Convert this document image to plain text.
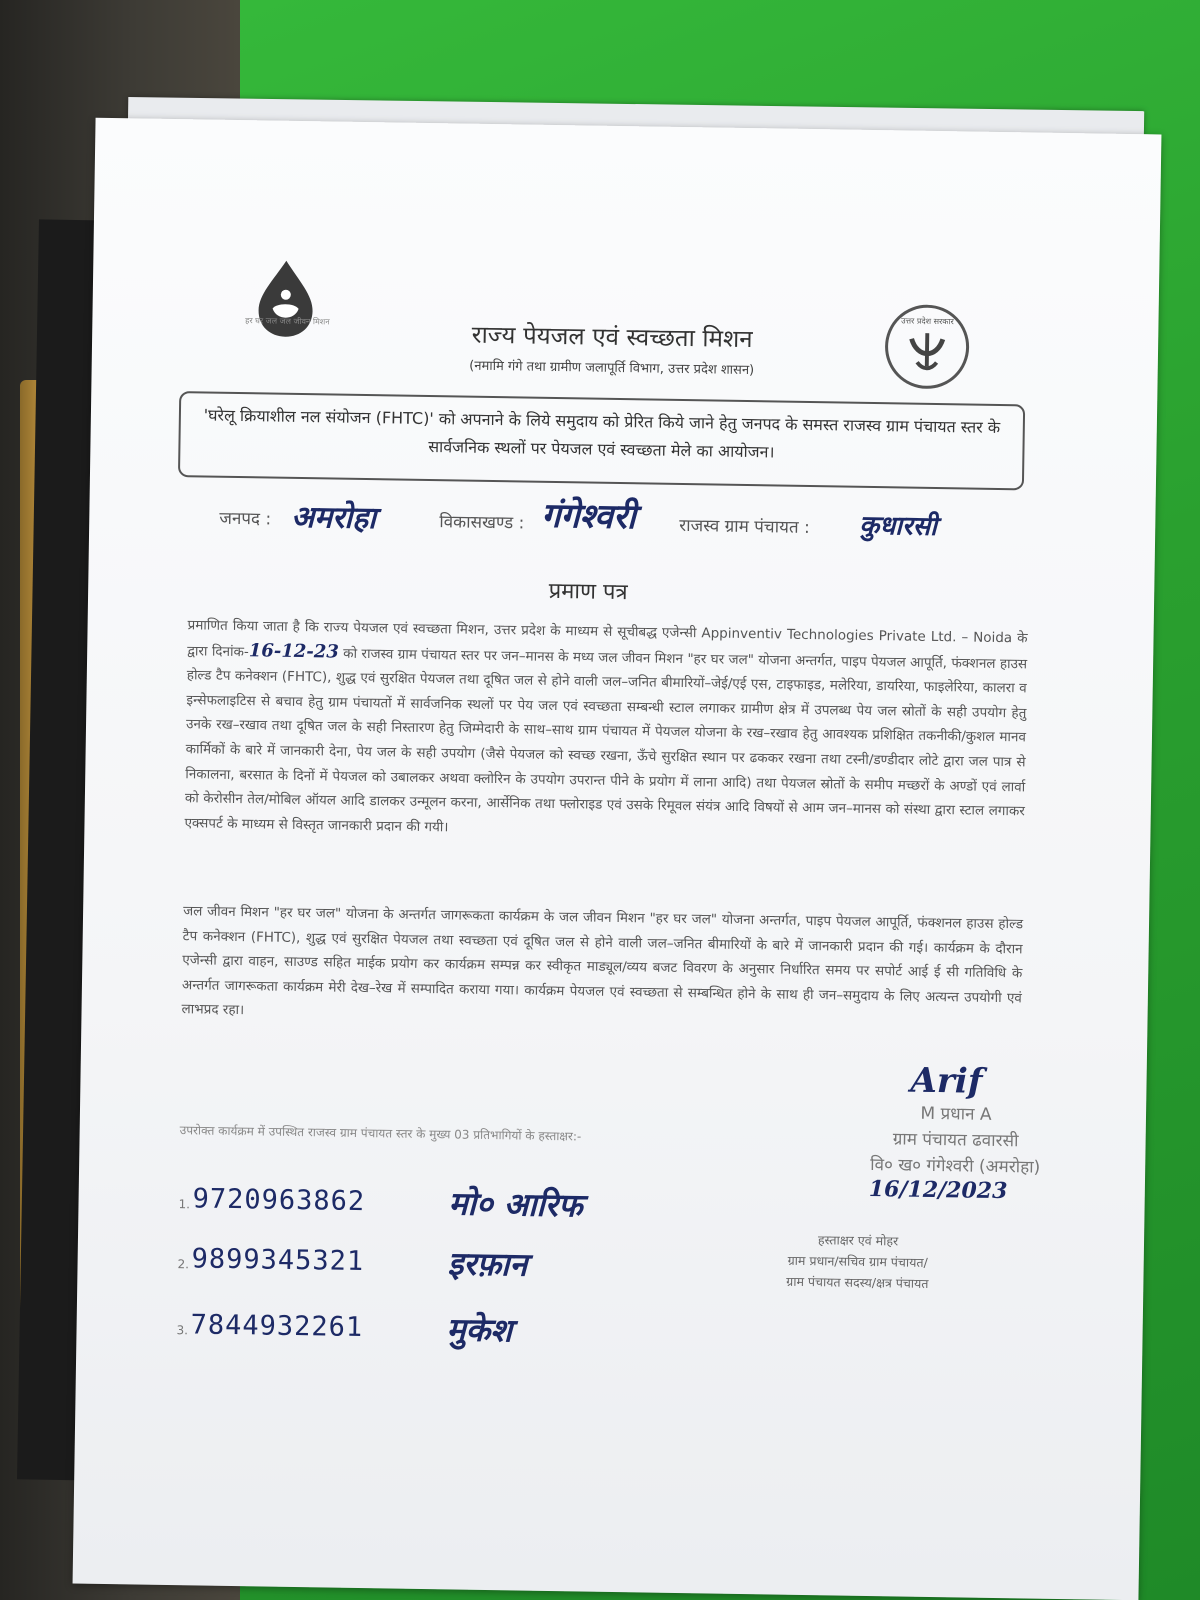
हर घर जल जल जीवन मिशन	उत्तर प्रदेश सरकार
राज्य पेयजल एवं स्वच्छता मिशन
(नमामि गंगे तथा ग्रामीण जलापूर्ति विभाग, उत्तर प्रदेश शासन)
'घरेलू क्रियाशील नल संयोजन (FHTC)' को अपनाने के लिये समुदाय को प्रेरित किये जाने हेतु जनपद के समस्त राजस्व ग्राम पंचायत स्तर के सार्वजनिक स्थलों पर पेयजल एवं स्वच्छता मेले का आयोजन।
जनपद : अमरोहा	विकासखण्ड : गंगेश्वरी	राजस्व ग्राम पंचायत : कुधारसी
प्रमाण पत्र
प्रमाणित किया जाता है कि राज्य पेयजल एवं स्वच्छता मिशन, उत्तर प्रदेश के माध्यम से सूचीबद्ध एजेन्सी Appinventiv Technologies Private Ltd. – Noida के द्वारा दिनांक-16-12-23 को राजस्व ग्राम पंचायत स्तर पर जन–मानस के मध्य जल जीवन मिशन "हर घर जल" योजना अन्तर्गत, पाइप पेयजल आपूर्ति, फंक्शनल हाउस होल्ड टैप कनेक्शन (FHTC), शुद्ध एवं सुरक्षित पेयजल तथा दूषित जल से होने वाली जल–जनित बीमारियों–जेई/एई एस, टाइफाइड, मलेरिया, डायरिया, फाइलेरिया, कालरा व इन्सेफलाइटिस से बचाव हेतु ग्राम पंचायतों में सार्वजनिक स्थलों पर पेय जल एवं स्वच्छता सम्बन्धी स्टाल लगाकर ग्रामीण क्षेत्र में उपलब्ध पेय जल स्रोतों के सही उपयोग हेतु उनके रख–रखाव तथा दूषित जल के सही निस्तारण हेतु जिम्मेदारी के साथ–साथ ग्राम पंचायत में पेयजल योजना के रख–रखाव हेतु आवश्यक प्रशिक्षित तकनीकी/कुशल मानव कार्मिकों के बारे में जानकारी देना, पेय जल के सही उपयोग (जैसे पेयजल को स्वच्छ रखना, ऊँचे सुरक्षित स्थान पर ढककर रखना तथा टस्नी/डण्डीदार लोटे द्वारा जल पात्र से निकालना, बरसात के दिनों में पेयजल को उबालकर अथवा क्लोरिन के उपयोग उपरान्त पीने के प्रयोग में लाना आदि) तथा पेयजल स्रोतों के समीप मच्छरों के अण्डों एवं लार्वा को केरोसीन तेल/मोबिल ऑयल आदि डालकर उन्मूलन करना, आर्सेनिक तथा फ्लोराइड एवं उसके रिमूवल संयंत्र आदि विषयों से आम जन–मानस को संस्था द्वारा स्टाल लगाकर एक्सपर्ट के माध्यम से विस्तृत जानकारी प्रदान की गयी।
जल जीवन मिशन "हर घर जल" योजना के अन्तर्गत जागरूकता कार्यक्रम के जल जीवन मिशन "हर घर जल" योजना अन्तर्गत, पाइप पेयजल आपूर्ति, फंक्शनल हाउस होल्ड टैप कनेक्शन (FHTC), शुद्ध एवं सुरक्षित पेयजल तथा स्वच्छता एवं दूषित जल से होने वाली जल–जनित बीमारियों के बारे में जानकारी प्रदान की गई। कार्यक्रम के दौरान एजेन्सी द्वारा वाहन, साउण्ड सहित माईक प्रयोग कर कार्यक्रम सम्पन्न कर स्वीकृत माड्यूल/व्यय बजट विवरण के अनुसार निर्धारित समय पर सपोर्ट आई ई सी गतिविधि के अन्तर्गत जागरूकता कार्यक्रम मेरी देख–रेख में सम्पादित कराया गया। कार्यक्रम पेयजल एवं स्वच्छता से सम्बन्धित होने के साथ ही जन–समुदाय के लिए अत्यन्त उपयोगी एवं लाभप्रद रहा।
Arif
M प्रधान A
ग्राम पंचायत ढवारसी
वि० ख० गंगेश्वरी (अमरोहा)
16/12/2023
उपरोक्त कार्यक्रम में उपस्थित राजस्व ग्राम पंचायत स्तर के मुख्य 03 प्रतिभागियों के हस्ताक्षर:-
हस्ताक्षर एवं मोहर
ग्राम प्रधान/सचिव ग्राम पंचायत/
ग्राम पंचायत सदस्य/क्षत्र पंचायत
1. 9720963862	मो० आरिफ
2. 9899345321	इरफ़ान
3. 7844932261	मुकेश
